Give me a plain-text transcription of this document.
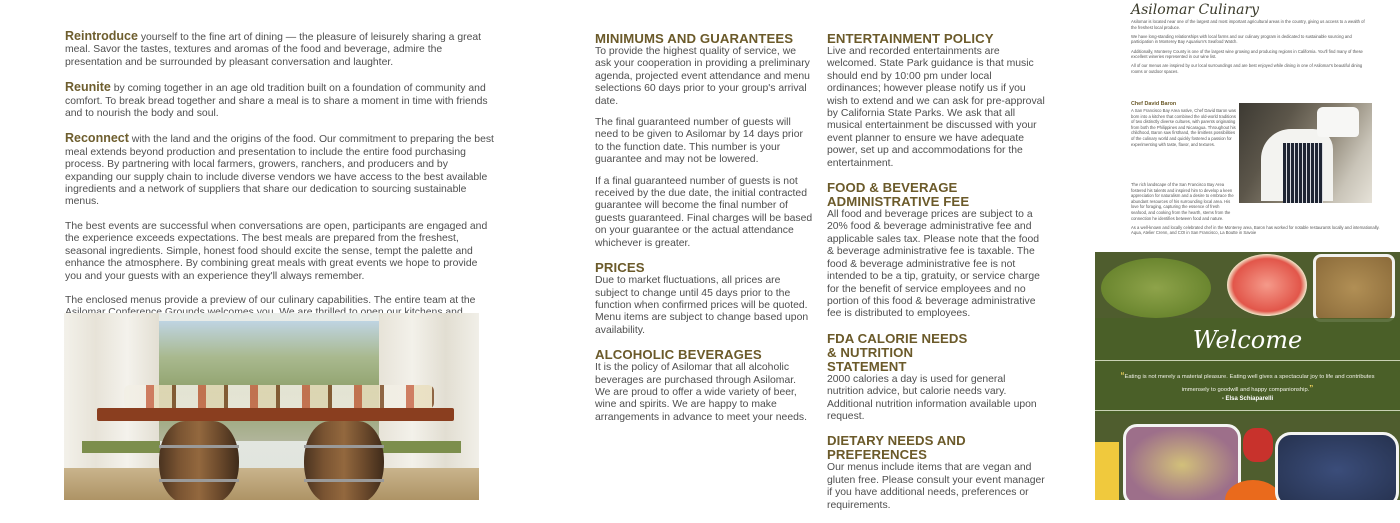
Reintroduce yourself to the fine art of dining — the pleasure of leisurely sharing a great meal. Savor the tastes, textures and aromas of the food and beverage, admire the presentation and be surrounded by pleasant conversation and laughter.

Reunite by coming together in an age old tradition built on a foundation of community and comfort. To break bread together and share a meal is to share a moment in time with friends and to nourish the body and soul.

Reconnect with the land and the origins of the food. Our commitment to preparing the best meal extends beyond production and presentation to include the entire food purchasing process. By partnering with local farmers, growers, ranchers, and producers and by expanding our supply chain to include diverse vendors we have access to the best available ingredients and a network of suppliers that share our dedication to sourcing sustainable menus.

The best events are successful when conversations are open, participants are engaged and the experience exceeds expectations. The best meals are prepared from the freshest, seasonal ingredients. Simple, honest food should excite the sense, tempt the palette and enhance the atmosphere. By combining great meals with great events we hope to provide you and your guests with an experience they'll always remember.

The enclosed menus provide a preview of our culinary capabilities. The entire team at the

MINIMUMS AND GUARANTEES

To provide the highest quality of service, we ask your cooperation in providing a preliminary agenda, projected event attendance and menu selections 60 days prior to your group's arrival date.

The final guaranteed number of guests will need to be given to Asilomar by 14 days prior to the function date. This number is your guarantee and may not be lowered.

If a final guaranteed number of guests is not received by the due date, the initial contracted guarantee will become the final number of guests guaranteed. Final charges will be based on your guarantee or the actual attendance whichever is greater.

PRICES

Due to market fluctuations, all prices are subject to change until 45 days prior to the function when confirmed prices will be quoted. Menu items are subject to change based upon availability.

ALCOHOLIC BEVERAGES

It is the policy of Asilomar that all alcoholic beverages are purchased through Asilomar. We are proud to offer a wide variety of beer, wine and spirits. We are happy to make arrangements in advance to meet your needs.

ENTERTAINMENT POLICY

Live and recorded entertainments are welcomed. State Park guidance is that music should end by 10:00 pm under local ordinances; however please notify us if you wish to extend and we can ask for pre-approval by California State Parks. We ask that all musical entertainment be discussed with your event planner to ensure we have adequate power, set up and accommodations for the entertainment.

FOOD & BEVERAGE ADMINISTRATIVE FEE

All food and beverage prices are subject to a 20% food & beverage administrative fee and applicable sales tax. Please note that the food & beverage administrative fee is taxable. The food & beverage administrative fee is not intended to be a tip, gratuity, or service charge for the benefit of service employees and no portion of this food & beverage administrative fee is distributed to employees.

FDA CALORIE NEEDS & NUTRITION STATEMENT

2000 calories a day is used for general nutrition advice, but calorie needs vary. Additional nutrition information available upon request.

DIETARY NEEDS AND PREFERENCES

Our menus include items that are vegan and gluten free. Please consult your event manager if you have additional needs, preferences or requirements.

Asilomar Culinary

Asilomar is located near one of the largest and most important agricultural areas in the country, giving us access to a wealth of the freshest local produce.

We have long-standing relationships with local farms and our culinary program is dedicated to sustainable sourcing and participation in Monterey Bay Aquarium's Seafood Watch.

Additionally, Monterey County is one of the largest wine growing and producing regions in California. You'll find many of these excellent wineries represented in our wine list.

All of our menus are inspired by our local surroundings and are best enjoyed while dining in one of Asilomar's beautiful dining rooms or outdoor spaces.

Chef David Baron

A San Francisco Bay Area native, Chef David Baron was born into a kitchen that combined the old-world traditions of two distinctly diverse cultures, with parents originating from both the Philippines and Nicaragua. Throughout his childhood, Baron saw firsthand, the limitless possibilities of the culinary world and quickly fostered a passion for experimenting with taste, flavor, and textures.

The rich landscape of the San Francisco Bay Area fostered his talents and inspired him to develop a keen appreciation for naturalism and a desire to embrace the abundant resources of his surrounding local area. His love for foraging, capturing the essence of fresh seafood, and cooking from the hearth, stems from the connection he identifies between food and nature.

As a well-known and locally celebrated chef in the Monterey area, Baron has worked for notable restaurants locally and internationally. Aqua, Atelier Crenn, and COI in San Francisco, La Boutte in Savoie

Welcome
“Eating is not merely a material pleasure. Eating well gives a spectacular joy to life and contributes immensely to goodwill and happy companionship.”
- Elsa Schiaparelli
